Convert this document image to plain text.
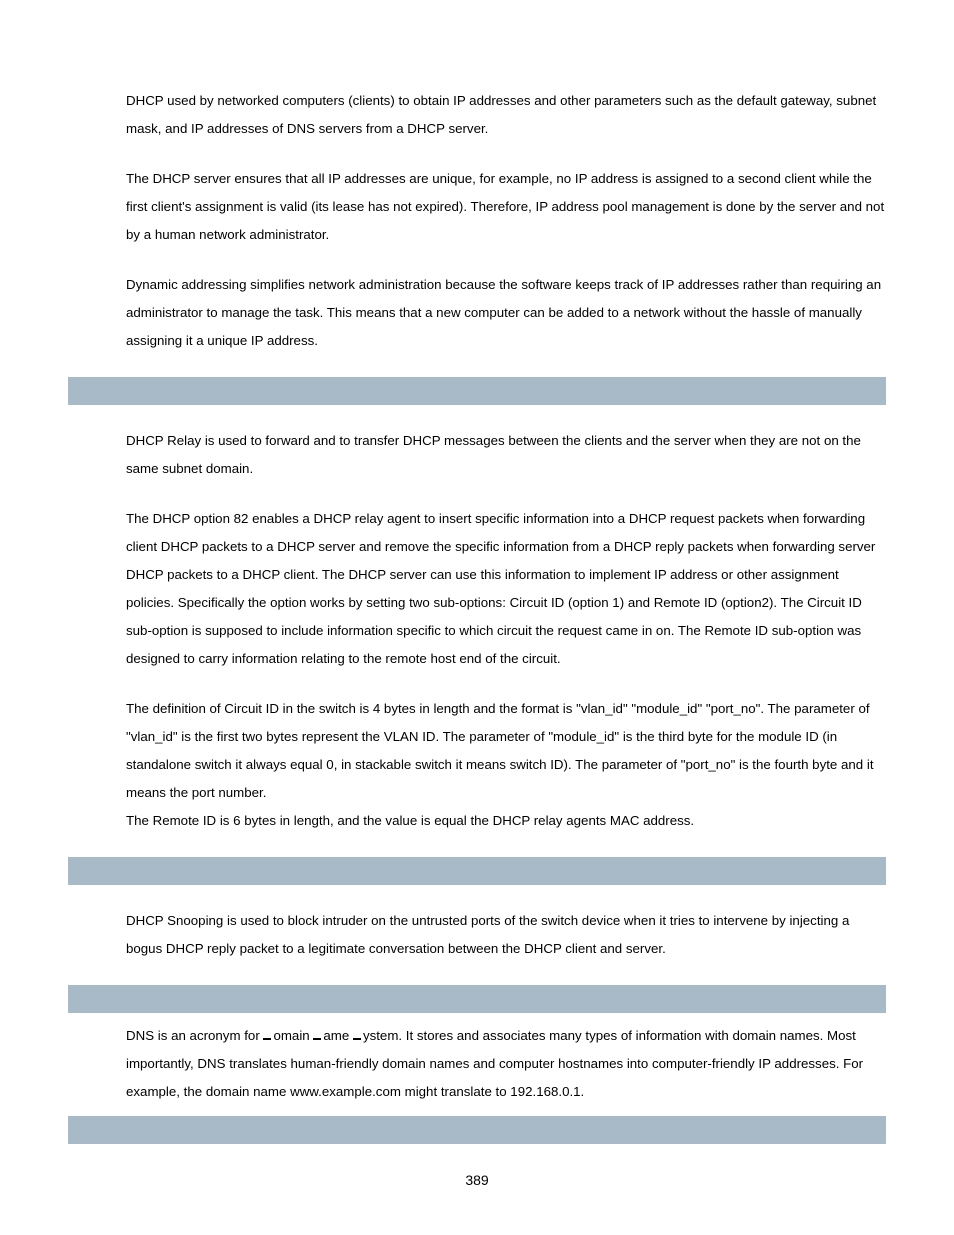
DHCP used by networked computers (clients) to obtain IP addresses and other parameters such as the default gateway, subnet mask, and IP addresses of DNS servers from a DHCP server.

The DHCP server ensures that all IP addresses are unique, for example, no IP address is assigned to a second client while the first client's assignment is valid (its lease has not expired). Therefore, IP address pool management is done by the server and not by a human network administrator.

Dynamic addressing simplifies network administration because the software keeps track of IP addresses rather than requiring an administrator to manage the task. This means that a new computer can be added to a network without the hassle of manually assigning it a unique IP address.

DHCP Relay is used to forward and to transfer DHCP messages between the clients and the server when they are not on the same subnet domain.

The DHCP option 82 enables a DHCP relay agent to insert specific information into a DHCP request packets when forwarding client DHCP packets to a DHCP server and remove the specific information from a DHCP reply packets when forwarding server DHCP packets to a DHCP client. The DHCP server can use this information to implement IP address or other assignment policies. Specifically the option works by setting two sub-options: Circuit ID (option 1) and Remote ID (option2). The Circuit ID sub-option is supposed to include information specific to which circuit the request came in on. The Remote ID sub-option was designed to carry information relating to the remote host end of the circuit.

The definition of Circuit ID in the switch is 4 bytes in length and the format is "vlan_id" "module_id" "port_no". The parameter of "vlan_id" is the first two bytes represent the VLAN ID. The parameter of "module_id" is the third byte for the module ID (in standalone switch it always equal 0, in stackable switch it means switch ID). The parameter of "port_no" is the fourth byte and it means the port number.

The Remote ID is 6 bytes in length, and the value is equal the DHCP relay agents MAC address.

DHCP Snooping is used to block intruder on the untrusted ports of the switch device when it tries to intervene by injecting a bogus DHCP reply packet to a legitimate conversation between the DHCP client and server.

DNS is an acronym for omain ame ystem. It stores and associates many types of information with domain names. Most importantly, DNS translates human-friendly domain names and computer hostnames into computer-friendly IP addresses. For example, the domain name www.example.com might translate to 192.168.0.1.

389
